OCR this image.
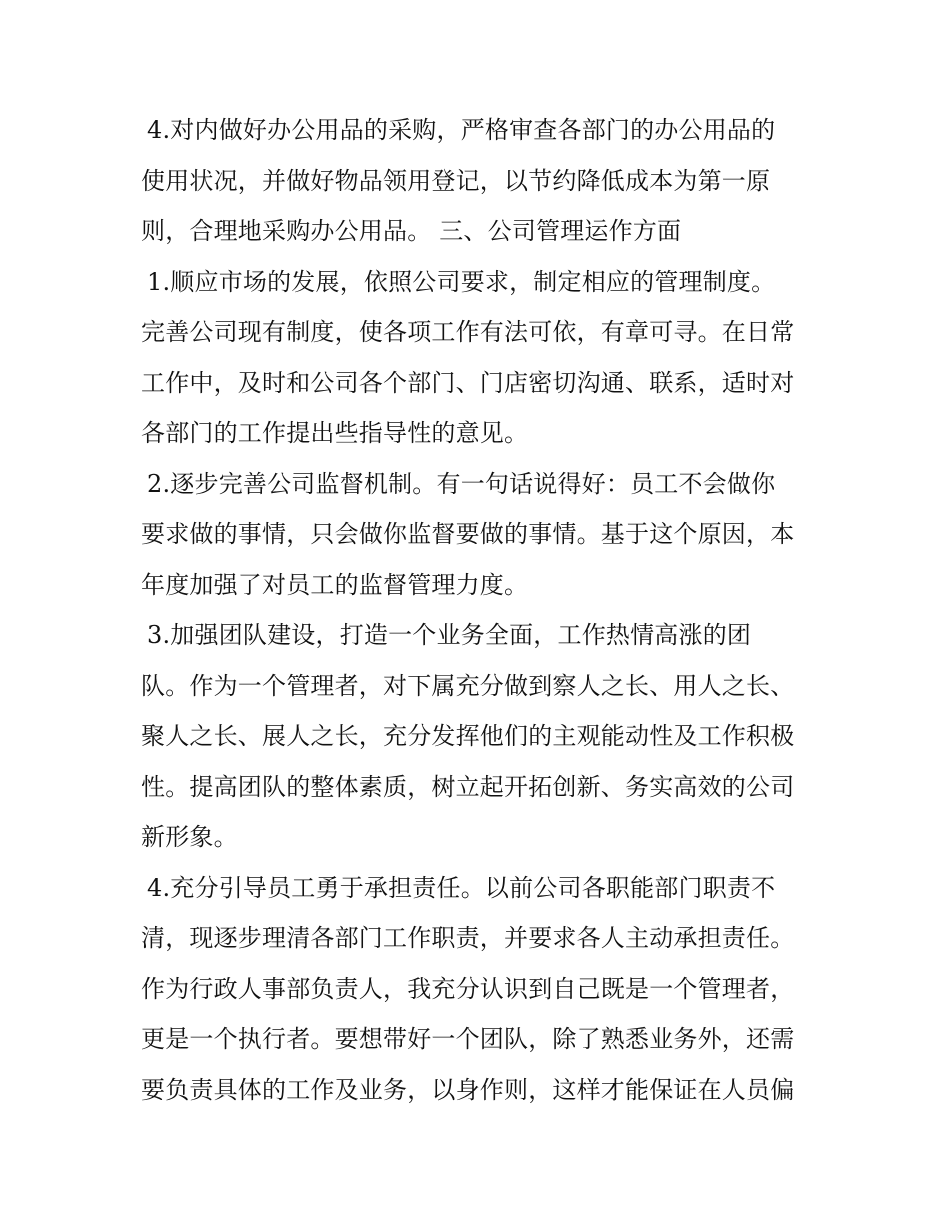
4.对内做好办公用品的采购，严格审查各部门的办公用品的
使用状况，并做好物品领用登记，以节约降低成本为第一原
则，合理地采购办公用品。 三、公司管理运作方面
1.顺应市场的发展，依照公司要求，制定相应的管理制度。
完善公司现有制度，使各项工作有法可依，有章可寻。在日常
工作中，及时和公司各个部门、门店密切沟通、联系，适时对
各部门的工作提出些指导性的意见。
2.逐步完善公司监督机制。有一句话说得好：员工不会做你
要求做的事情，只会做你监督要做的事情。基于这个原因，本
年度加强了对员工的监督管理力度。
3.加强团队建设，打造一个业务全面，工作热情高涨的团
队。作为一个管理者，对下属充分做到察人之长、用人之长、
聚人之长、展人之长，充分发挥他们的主观能动性及工作积极
性。提高团队的整体素质，树立起开拓创新、务实高效的公司
新形象。
4.充分引导员工勇于承担责任。以前公司各职能部门职责不
清，现逐步理清各部门工作职责，并要求各人主动承担责任。
作为行政人事部负责人，我充分认识到自己既是一个管理者，
更是一个执行者。要想带好一个团队，除了熟悉业务外，还需
要负责具体的工作及业务，以身作则，这样才能保证在人员偏
